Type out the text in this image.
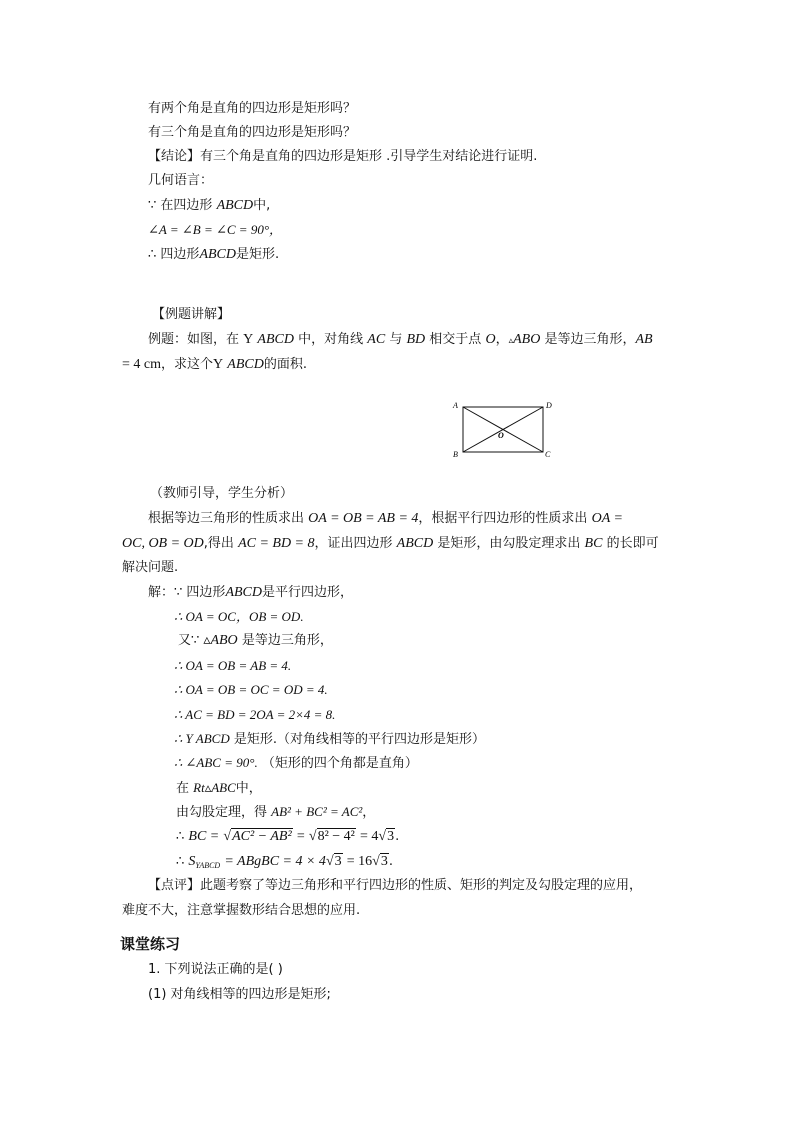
有两个角是直角的四边形是矩形吗？
有三个角是直角的四边形是矩形吗？
【结论】有三个角是直角的四边形是矩形 .引导学生对结论进行证明.
几何语言：
∵ 在四边形 ABCD中,
∠A = ∠B = ∠C = 90°，
∴ 四边形ABCD是矩形.
【例题讲解】
例题：如图，在 Y ABCD 中，对角线 AC 与 BD 相交于点 O，▵ABO 是等边三角形，AB
= 4 cm，求这个Y ABCD的面积.
A	D
B	C
O
（教师引导，学生分析）
根据等边三角形的性质求出 OA = OB = AB = 4，根据平行四边形的性质求出 OA =
OC, OB = OD,得出 AC = BD = 8，证出四边形 ABCD 是矩形，由勾股定理求出 BC 的长即可
解决问题.
解：∵ 四边形ABCD是平行四边形，
∴ OA = OC，OB = OD.
又∵ ▵ABO 是等边三角形，
∴ OA = OB = AB = 4.
∴ OA = OB = OC = OD = 4.
∴ AC = BD = 2OA = 2×4 = 8.
∴ Y ABCD 是矩形.（对角线相等的平行四边形是矩形）
∴ ∠ABC = 90°. （矩形的四个角都是直角）
在 Rt▵ABC中，
由勾股定理，得 AB² + BC² = AC²，
∴ BC = √AC² − AB² = √8² − 4² = 4√3.
∴ $S_{YABCD}$ = ABgBC = 4 × 4√3 = 16√3.
【点评】此题考察了等边三角形和平行四边形的性质、矩形的判定及勾股定理的应用，
难度不大，注意掌握数形结合思想的应用.
课堂练习
1. 下列说法正确的是( )
(1) 对角线相等的四边形是矩形;
